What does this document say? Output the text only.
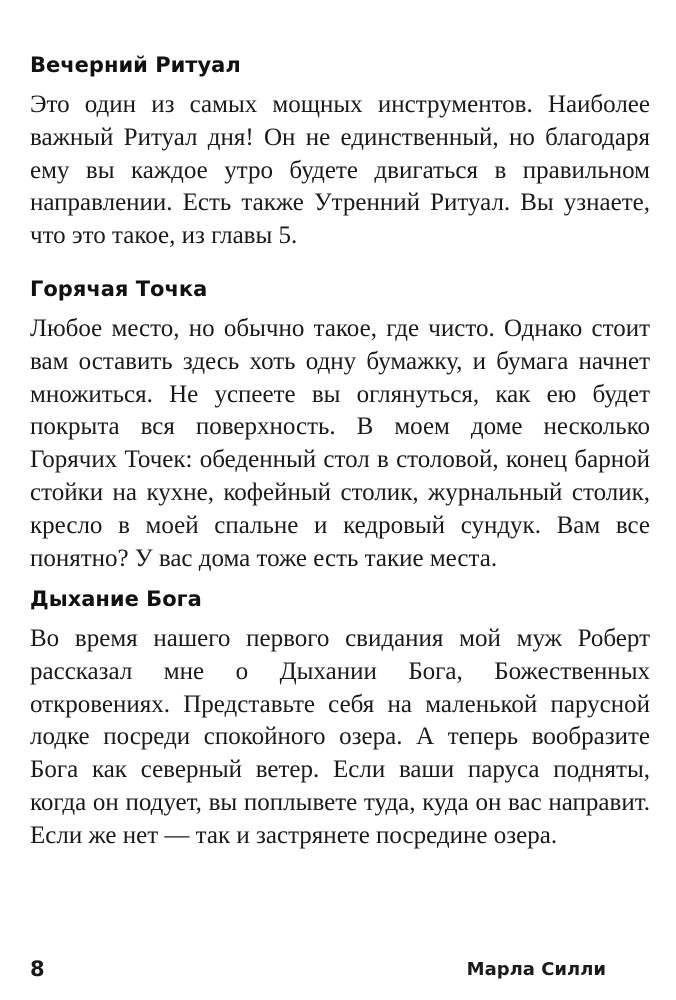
Вечерний Ритуал

Это один из самых мощных инструментов. Наиболее важный Ритуал дня! Он не единственный, но благодаря ему вы каждое утро будете двигаться в правильном направлении. Есть также Утренний Ритуал. Вы узнаете, что это такое, из главы 5.

Горячая Точка

Любое место, но обычно такое, где чисто. Однако стоит вам оставить здесь хоть одну бумажку, и бумага начнет множиться. Не успеете вы оглянуться, как ею будет покрыта вся поверхность. В моем доме несколько Горячих Точек: обеденный стол в столовой, конец барной стойки на кухне, кофейный столик, журнальный столик, кресло в моей спальне и кедровый сундук. Вам все понятно? У вас дома тоже есть такие места.

Дыхание Бога

Во время нашего первого свидания мой муж Роберт рассказал мне о Дыхании Бога, Божественных откровениях. Представьте себя на маленькой парусной лодке посреди спокойного озера. А теперь вообразите Бога как северный ветер. Если ваши паруса подняты, когда он подует, вы поплывете туда, куда он вас направит. Если же нет — так и застрянете посредине озера.

8	Марла Силли
